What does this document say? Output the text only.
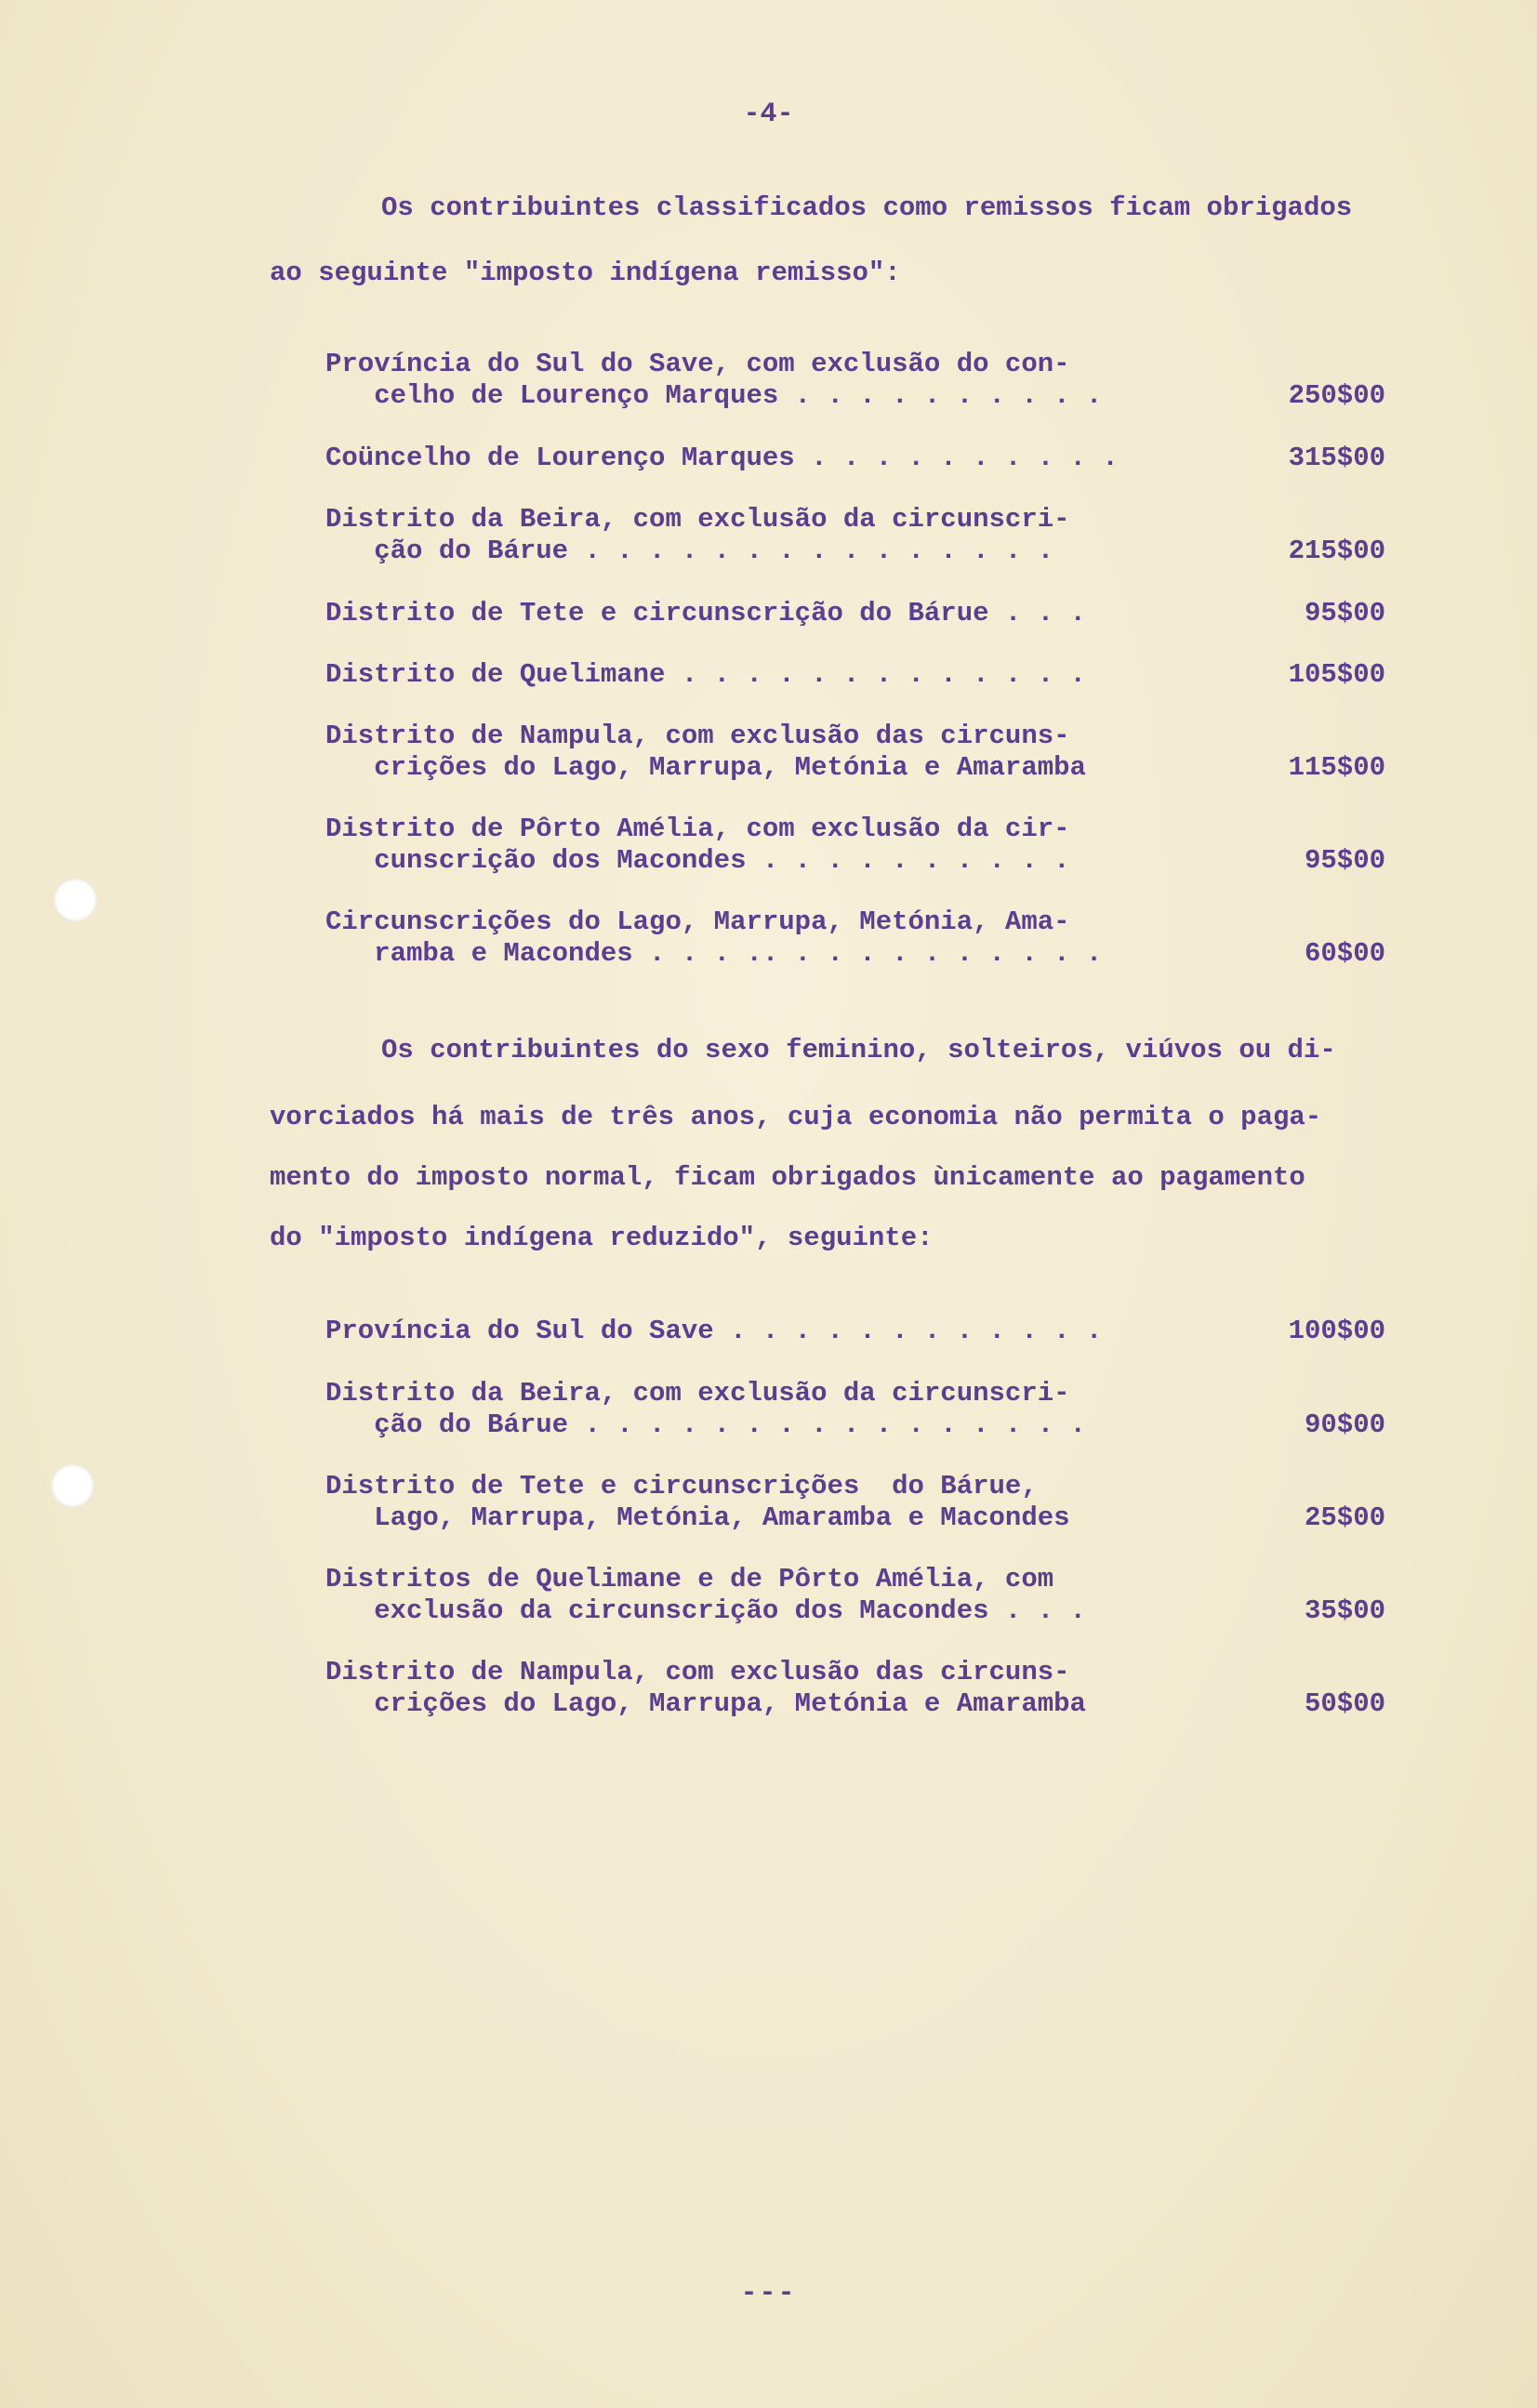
-4-
Os contribuintes classificados como remissos ficam obrigados
ao seguinte "imposto indígena remisso":
Província do Sul do Save, com exclusão do con-
celho de Lourenço Marques . . . . . . . . . .	250$00
Coüncelho de Lourenço Marques . . . . . . . . . .	315$00
Distrito da Beira, com exclusão da circunscri-
ção do Bárue . . . . . . . . . . . . . . .	215$00
Distrito de Tete e circunscrição do Bárue . . .	95$00
Distrito de Quelimane . . . . . . . . . . . . .	105$00
Distrito de Nampula, com exclusão das circuns-
crições do Lago, Marrupa, Metónia e Amaramba	115$00
Distrito de Pôrto Amélia, com exclusão da cir-
cunscrição dos Macondes . . . . . . . . . .	95$00
Circunscrições do Lago, Marrupa, Metónia, Ama-
ramba e Macondes . . . .. . . . . . . . . . .	60$00
Os contribuintes do sexo feminino, solteiros, viúvos ou di-
vorciados há mais de três anos, cuja economia não permita o paga-
mento do imposto normal, ficam obrigados ùnicamente ao pagamento
do "imposto indígena reduzido", seguinte:
Província do Sul do Save . . . . . . . . . . . .	100$00
Distrito da Beira, com exclusão da circunscri-
ção do Bárue . . . . . . . . . . . . . . . .	90$00
Distrito de Tete e circunscrições  do Bárue,
Lago, Marrupa, Metónia, Amaramba e Macondes	25$00
Distritos de Quelimane e de Pôrto Amélia, com
exclusão da circunscrição dos Macondes . . .	35$00
Distrito de Nampula, com exclusão das circuns-
crições do Lago, Marrupa, Metónia e Amaramba	50$00
---
